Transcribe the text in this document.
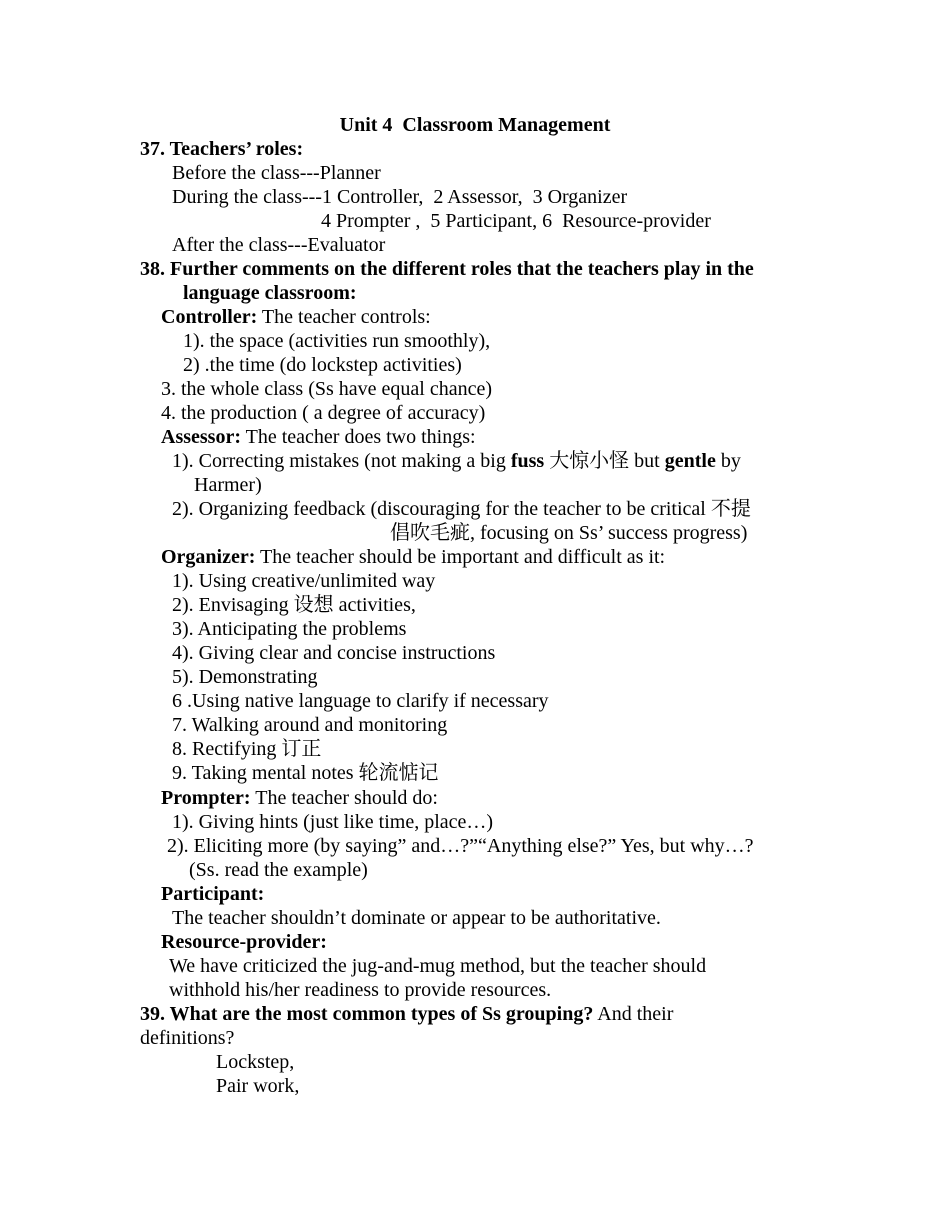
Unit 4  Classroom Management
37. Teachers’ roles:
Before the class---Planner
During the class---1 Controller,  2 Assessor,  3 Organizer
4 Prompter ,  5 Participant, 6  Resource-provider
After the class---Evaluator
38. Further comments on the different roles that the teachers play in the
language classroom:
Controller: The teacher controls:
1). the space (activities run smoothly),
2) .the time (do lockstep activities)
3. the whole class (Ss have equal chance)
4. the production ( a degree of accuracy)
Assessor: The teacher does two things:
1). Correcting mistakes (not making a big fuss 大惊小怪 but gentle by
Harmer)
2). Organizing feedback (discouraging for the teacher to be critical 不提
倡吹毛疵, focusing on Ss’ success progress)
Organizer: The teacher should be important and difficult as it:
1). Using creative/unlimited way
2). Envisaging 设想 activities,
3). Anticipating the problems
4). Giving clear and concise instructions
5). Demonstrating
6 .Using native language to clarify if necessary
7. Walking around and monitoring
8. Rectifying 订正
9. Taking mental notes 轮流惦记
Prompter: The teacher should do:
1). Giving hints (just like time, place…)
2). Eliciting more (by saying” and…?”“Anything else?” Yes, but why…?
(Ss. read the example)
Participant:
The teacher shouldn’t dominate or appear to be authoritative.
Resource-provider:
We have criticized the jug-and-mug method, but the teacher should
withhold his/her readiness to provide resources.
39. What are the most common types of Ss grouping? And their
definitions?
Lockstep,
Pair work,
